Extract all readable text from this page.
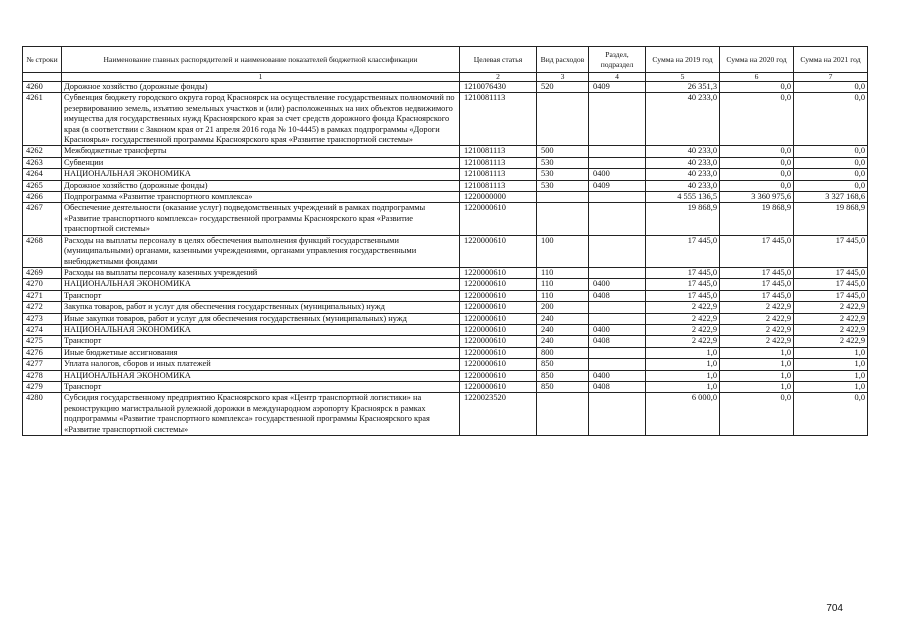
№ строки	Наименование главных распорядителей и наименование показателей бюджетной классификации	Целевая статья	Вид расходов	Раздел, подраздел	Сумма на 2019 год	Сумма на 2020 год	Сумма на 2021 год
	1	2	3	4	5	6	7
4260	Дорожное хозяйство (дорожные фонды)	1210076430	520	0409	26 351,3	0,0	0,0
4261	Субвенция бюджету городского округа город Красноярск на осуществление государственных полномочий по резервированию земель, изъятию земельных участков и (или) расположенных на них объектов недвижимого имущества для государственных нужд Красноярского края за счет средств дорожного фонда Красноярского края (в соответствии с Законом края от 21 апреля 2016 года № 10-4445) в рамках подпрограммы «Дороги Красноярья» государственной программы Красноярского края «Развитие транспортной системы»	1210081113			40 233,0	0,0	0,0
4262	Межбюджетные трансферты	1210081113	500		40 233,0	0,0	0,0
4263	Субвенции	1210081113	530		40 233,0	0,0	0,0
4264	НАЦИОНАЛЬНАЯ ЭКОНОМИКА	1210081113	530	0400	40 233,0	0,0	0,0
4265	Дорожное хозяйство (дорожные фонды)	1210081113	530	0409	40 233,0	0,0	0,0
4266	Подпрограмма «Развитие транспортного комплекса»	1220000000			4 555 136,5	3 360 975,6	3 327 168,6
4267	Обеспечение деятельности (оказание услуг) подведомственных учреждений в рамках подпрограммы «Развитие транспортного комплекса» государственной программы Красноярского края «Развитие транспортной системы»	1220000610			19 868,9	19 868,9	19 868,9
4268	Расходы на выплаты персоналу в целях обеспечения выполнения функций государственными (муниципальными) органами, казенными учреждениями, органами управления государственными внебюджетными фондами	1220000610	100		17 445,0	17 445,0	17 445,0
4269	Расходы на выплаты персоналу казенных учреждений	1220000610	110		17 445,0	17 445,0	17 445,0
4270	НАЦИОНАЛЬНАЯ ЭКОНОМИКА	1220000610	110	0400	17 445,0	17 445,0	17 445,0
4271	Транспорт	1220000610	110	0408	17 445,0	17 445,0	17 445,0
4272	Закупка товаров, работ и услуг для обеспечения государственных (муниципальных) нужд	1220000610	200		2 422,9	2 422,9	2 422,9
4273	Иные закупки товаров, работ и услуг для обеспечения государственных (муниципальных) нужд	1220000610	240		2 422,9	2 422,9	2 422,9
4274	НАЦИОНАЛЬНАЯ ЭКОНОМИКА	1220000610	240	0400	2 422,9	2 422,9	2 422,9
4275	Транспорт	1220000610	240	0408	2 422,9	2 422,9	2 422,9
4276	Иные бюджетные ассигнования	1220000610	800		1,0	1,0	1,0
4277	Уплата налогов, сборов и иных платежей	1220000610	850		1,0	1,0	1,0
4278	НАЦИОНАЛЬНАЯ ЭКОНОМИКА	1220000610	850	0400	1,0	1,0	1,0
4279	Транспорт	1220000610	850	0408	1,0	1,0	1,0
4280	Субсидия государственному предприятию Красноярского края «Центр транспортной логистики» на реконструкцию магистральной рулежной дорожки в международном аэропорту Красноярск в рамках подпрограммы «Развитие транспортного комплекса» государственной программы Красноярского края «Развитие транспортной системы»	1220023520			6 000,0	0,0	0,0
704
